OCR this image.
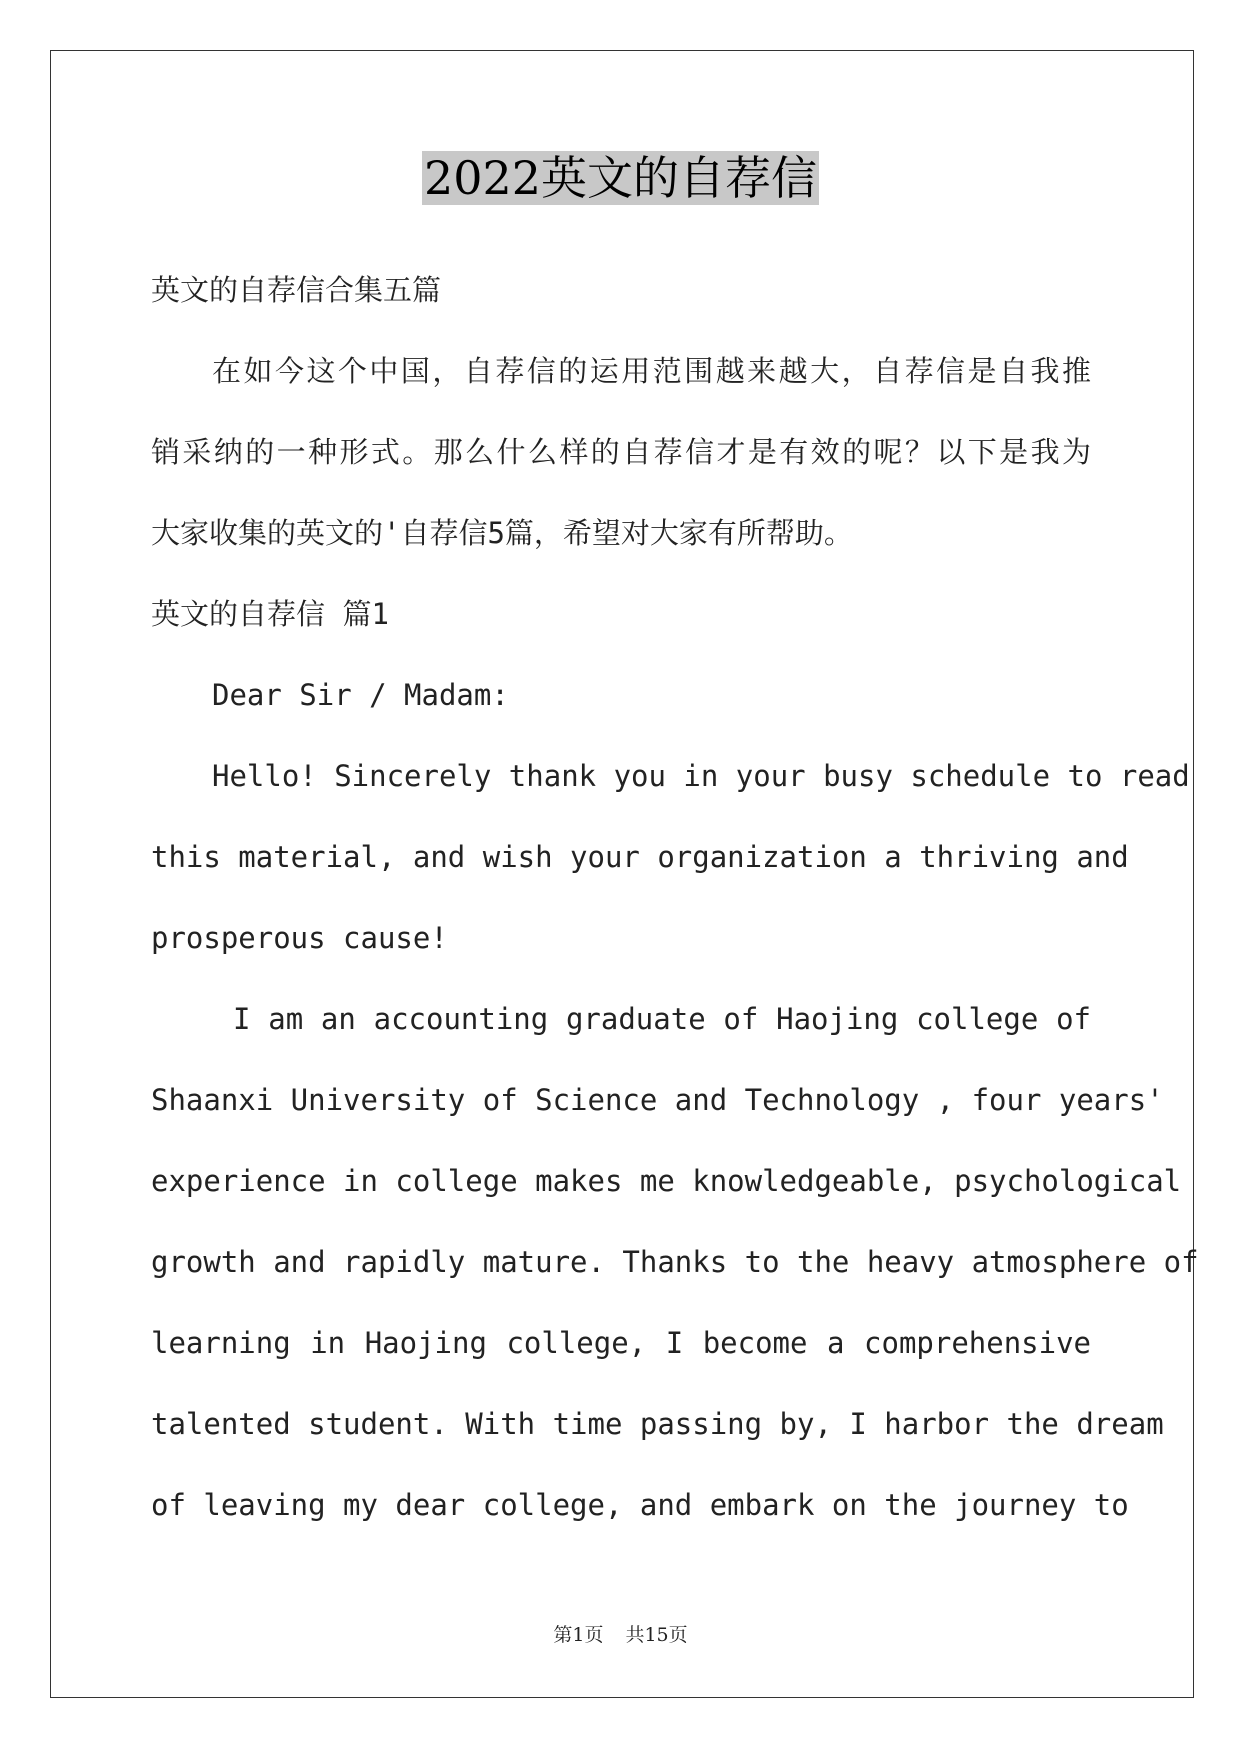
2022英文的自荐信
英文的自荐信合集五篇
在如今这个中国，自荐信的运用范围越来越大，自荐信是自我推
销采纳的一种形式。那么什么样的自荐信才是有效的呢？以下是我为
大家收集的英文的'自荐信5篇，希望对大家有所帮助。
英文的自荐信 篇1
Dear Sir / Madam:
Hello! Sincerely thank you in your busy schedule to read
this material, and wish your organization a thriving and
prosperous cause!
I am an accounting graduate of Haojing college of
Shaanxi University of Science and Technology , four years'
experience in college makes me knowledgeable, psychological
growth and rapidly mature. Thanks to the heavy atmosphere of
learning in Haojing college, I become a comprehensive
talented student. With time passing by, I harbor the dream
of leaving my dear college, and embark on the journey to
第1页 共15页
